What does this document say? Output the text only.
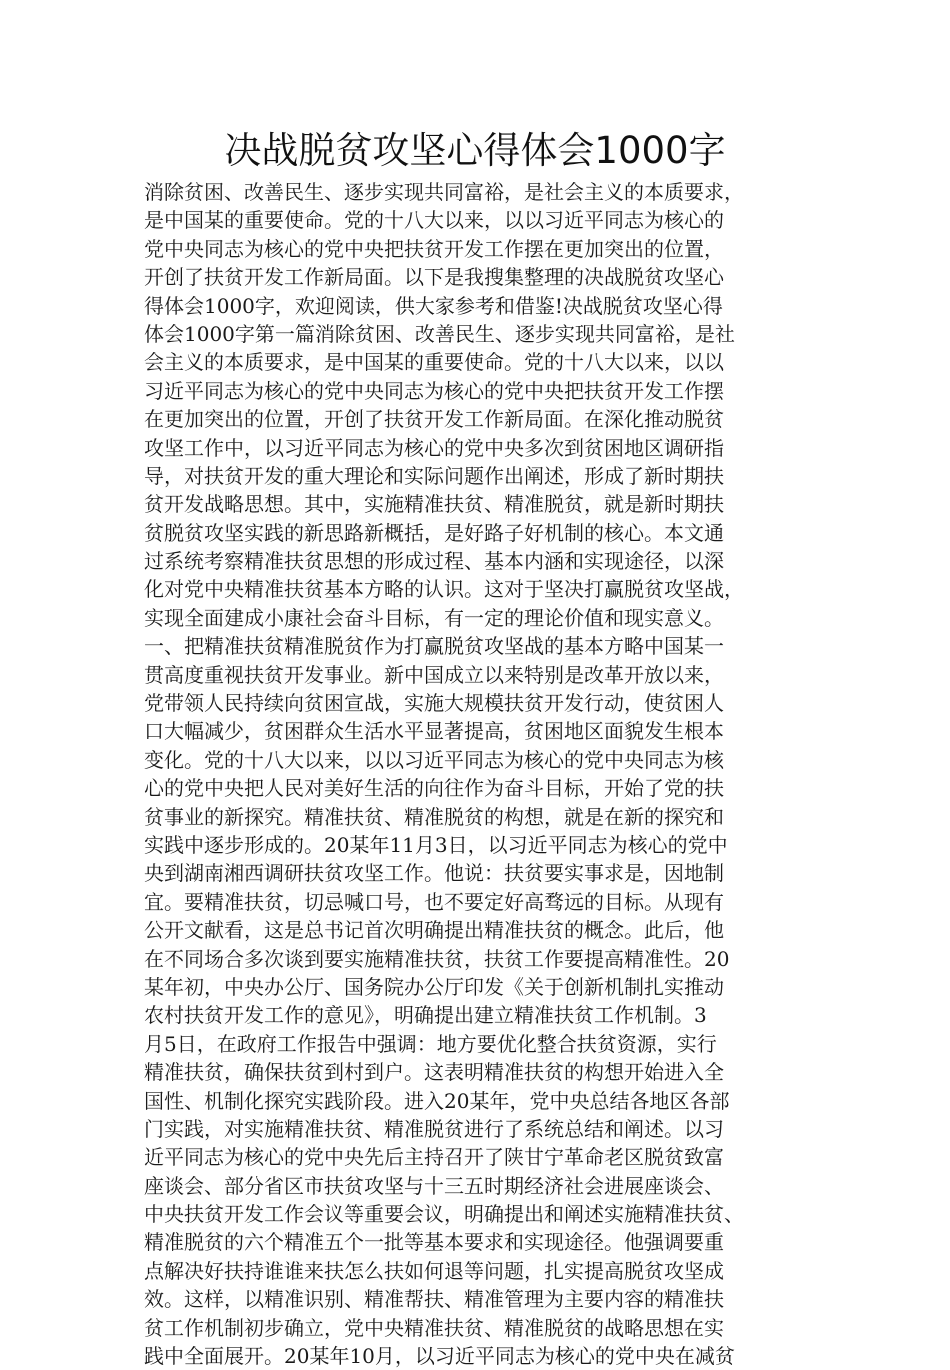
决战脱贫攻坚心得体会1000字
消除贫困、改善民生、逐步实现共同富裕，是社会主义的本质要求，
是中国某的重要使命。党的十八大以来，以以习近平同志为核心的
党中央同志为核心的党中央把扶贫开发工作摆在更加突出的位置，
开创了扶贫开发工作新局面。以下是我搜集整理的决战脱贫攻坚心
得体会1000字，欢迎阅读，供大家参考和借鉴!决战脱贫攻坚心得
体会1000字第一篇消除贫困、改善民生、逐步实现共同富裕，是社
会主义的本质要求，是中国某的重要使命。党的十八大以来，以以
习近平同志为核心的党中央同志为核心的党中央把扶贫开发工作摆
在更加突出的位置，开创了扶贫开发工作新局面。在深化推动脱贫
攻坚工作中，以习近平同志为核心的党中央多次到贫困地区调研指
导，对扶贫开发的重大理论和实际问题作出阐述，形成了新时期扶
贫开发战略思想。其中，实施精准扶贫、精准脱贫，就是新时期扶
贫脱贫攻坚实践的新思路新概括，是好路子好机制的核心。本文通
过系统考察精准扶贫思想的形成过程、基本内涵和实现途径，以深
化对党中央精准扶贫基本方略的认识。这对于坚决打赢脱贫攻坚战，
实现全面建成小康社会奋斗目标，有一定的理论价值和现实意义。
一、把精准扶贫精准脱贫作为打赢脱贫攻坚战的基本方略中国某一
贯高度重视扶贫开发事业。新中国成立以来特别是改革开放以来，
党带领人民持续向贫困宣战，实施大规模扶贫开发行动，使贫困人
口大幅减少，贫困群众生活水平显著提高，贫困地区面貌发生根本
变化。党的十八大以来，以以习近平同志为核心的党中央同志为核
心的党中央把人民对美好生活的向往作为奋斗目标，开始了党的扶
贫事业的新探究。精准扶贫、精准脱贫的构想，就是在新的探究和
实践中逐步形成的。20某年11月3日，以习近平同志为核心的党中
央到湖南湘西调研扶贫攻坚工作。他说：扶贫要实事求是，因地制
宜。要精准扶贫，切忌喊口号，也不要定好高骛远的目标。从现有
公开文献看，这是总书记首次明确提出精准扶贫的概念。此后，他
在不同场合多次谈到要实施精准扶贫，扶贫工作要提高精准性。20
某年初，中央办公厅、国务院办公厅印发《关于创新机制扎实推动
农村扶贫开发工作的意见》，明确提出建立精准扶贫工作机制。3
月5日，在政府工作报告中强调：地方要优化整合扶贫资源，实行
精准扶贫，确保扶贫到村到户。这表明精准扶贫的构想开始进入全
国性、机制化探究实践阶段。进入20某年，党中央总结各地区各部
门实践，对实施精准扶贫、精准脱贫进行了系统总结和阐述。以习
近平同志为核心的党中央先后主持召开了陕甘宁革命老区脱贫致富
座谈会、部分省区市扶贫攻坚与十三五时期经济社会进展座谈会、
中央扶贫开发工作会议等重要会议，明确提出和阐述实施精准扶贫、
精准脱贫的六个精准五个一批等基本要求和实现途径。他强调要重
点解决好扶持谁谁来扶怎么扶如何退等问题，扎实提高脱贫攻坚成
效。这样，以精准识别、精准帮扶、精准管理为主要内容的精准扶
贫工作机制初步确立，党中央精准扶贫、精准脱贫的战略思想在实
践中全面展开。20某年10月，以习近平同志为核心的党中央在减贫
